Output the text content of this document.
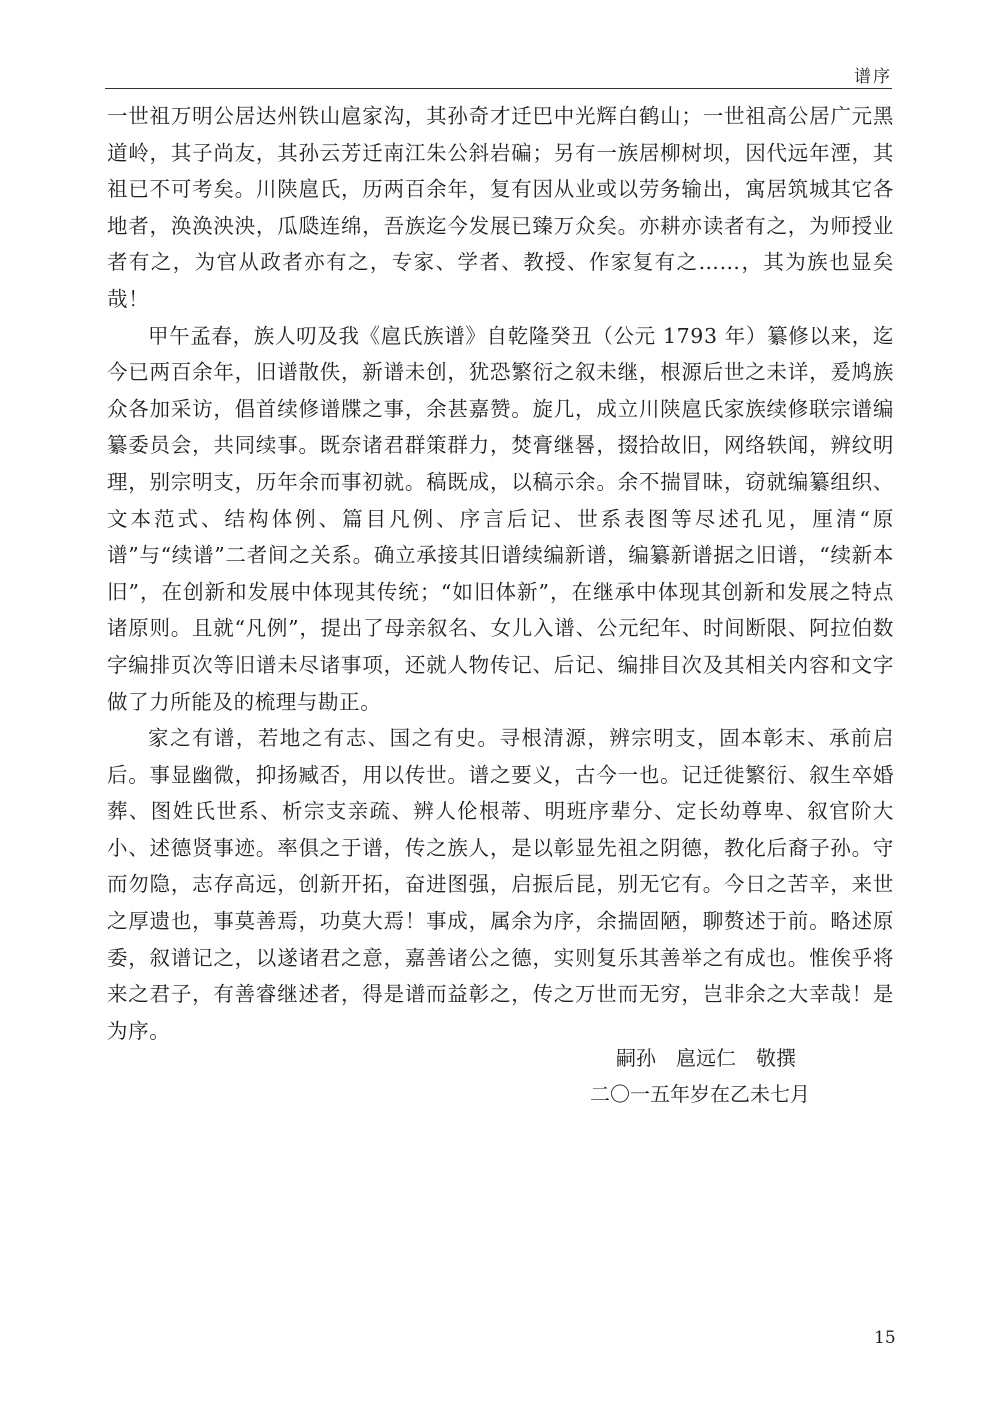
谱序

一世祖万明公居达州铁山扈家沟，其孙奇才迁巴中光辉白鹤山；一世祖高公居广元黑道岭，其子尚友，其孙云芳迁南江朱公斜岩碥；另有一族居柳树坝，因代远年湮，其祖已不可考矣。川陕扈氏，历两百余年，复有因从业或以劳务输出，寓居筑城其它各地者，涣涣泱泱，瓜瓞连绵，吾族迄今发展已臻万众矣。亦耕亦读者有之，为师授业者有之，为官从政者亦有之，专家、学者、教授、作家复有之……，其为族也显矣哉！

甲午孟春，族人叨及我《扈氏族谱》自乾隆癸丑（公元 1793 年）纂修以来，迄今已两百余年，旧谱散佚，新谱未创，犹恐繁衍之叙未继，根源后世之未详，爰鸠族众各加采访，倡首续修谱牒之事，余甚嘉赞。旋几，成立川陕扈氏家族续修联宗谱编纂委员会，共同续事。既奈诸君群策群力，焚膏继晷，掇拾故旧，网络轶闻，辨纹明理，别宗明支，历年余而事初就。稿既成，以稿示余。余不揣冒昧，窃就编纂组织、文本范式、结构体例、篇目凡例、序言后记、世系表图等尽述孔见，厘清“原谱”与“续谱”二者间之关系。确立承接其旧谱续编新谱，编纂新谱据之旧谱，“续新本旧”，在创新和发展中体现其传统；“如旧体新”，在继承中体现其创新和发展之特点诸原则。且就“凡例”，提出了母亲叙名、女儿入谱、公元纪年、时间断限、阿拉伯数字编排页次等旧谱未尽诸事项，还就人物传记、后记、编排目次及其相关内容和文字做了力所能及的梳理与勘正。

家之有谱，若地之有志、国之有史。寻根清源，辨宗明支，固本彰末、承前启后。事显幽微，抑扬臧否，用以传世。谱之要义，古今一也。记迁徙繁衍、叙生卒婚葬、图姓氏世系、析宗支亲疏、辨人伦根蒂、明班序辈分、定长幼尊卑、叙官阶大小、述德贤事迹。率俱之于谱，传之族人，是以彰显先祖之阴德，教化后裔子孙。守而勿隐，志存高远，创新开拓，奋进图强，启振后昆，别无它有。今日之苦辛，来世之厚遗也，事莫善焉，功莫大焉！事成，属余为序，余揣固陋，聊赘述于前。略述原委，叙谱记之，以遂诸君之意，嘉善诸公之德，实则复乐其善举之有成也。惟俟乎将来之君子，有善睿继述者，得是谱而益彰之，传之万世而无穷，岂非余之大幸哉！是为序。

嗣孙　扈远仁　敬撰
二〇一五年岁在乙未七月
15
